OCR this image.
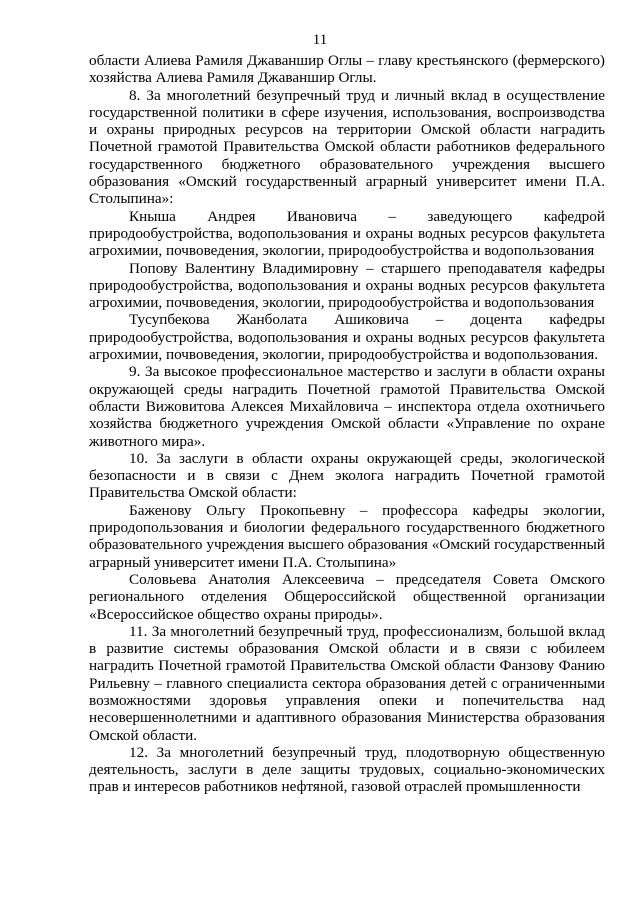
11

области Алиева Рамиля Джаваншир Оглы – главу крестьянского (фермерского) хозяйства Алиева Рамиля Джаваншир Оглы.

8. За многолетний безупречный труд и личный вклад в осуществление государственной политики в сфере изучения, использования, воспроизводства и охраны природных ресурсов на территории Омской области наградить Почетной грамотой Правительства Омской области работников федерального государственного бюджетного образовательного учреждения высшего образования «Омский государственный аграрный университет имени П.А. Столыпина»:

Кныша Андрея Ивановича – заведующего кафедрой природообустройства, водопользования и охраны водных ресурсов факультета агрохимии, почвоведения, экологии, природообустройства и водопользования

Попову Валентину Владимировну – старшего преподавателя кафедры природообустройства, водопользования и охраны водных ресурсов факультета агрохимии, почвоведения, экологии, природообустройства и водопользования

Тусупбекова Жанболата Ашиковича – доцента кафедры природообустройства, водопользования и охраны водных ресурсов факультета агрохимии, почвоведения, экологии, природообустройства и водопользования.

9. За высокое профессиональное мастерство и заслуги в области охраны окружающей среды наградить Почетной грамотой Правительства Омской области Вижовитова Алексея Михайловича – инспектора отдела охотничьего хозяйства бюджетного учреждения Омской области «Управление по охране животного мира».

10. За заслуги в области охраны окружающей среды, экологической безопасности и в связи с Днем эколога наградить Почетной грамотой Правительства Омской области:

Баженову Ольгу Прокопьевну – профессора кафедры экологии, природопользования и биологии федерального государственного бюджетного образовательного учреждения высшего образования «Омский государственный аграрный университет имени П.А. Столыпина»

Соловьева Анатолия Алексеевича – председателя Совета Омского регионального отделения Общероссийской общественной организации «Всероссийское общество охраны природы».

11. За многолетний безупречный труд, профессионализм, большой вклад в развитие системы образования Омской области и в связи с юбилеем наградить Почетной грамотой Правительства Омской области Фанзову Фанию Рильевну – главного специалиста сектора образования детей с ограниченными возможностями здоровья управления опеки и попечительства над несовершеннолетними и адаптивного образования Министерства образования Омской области.

12. За многолетний безупречный труд, плодотворную общественную деятельность, заслуги в деле защиты трудовых, социально-экономических прав и интересов работников нефтяной, газовой отраслей промышленности
